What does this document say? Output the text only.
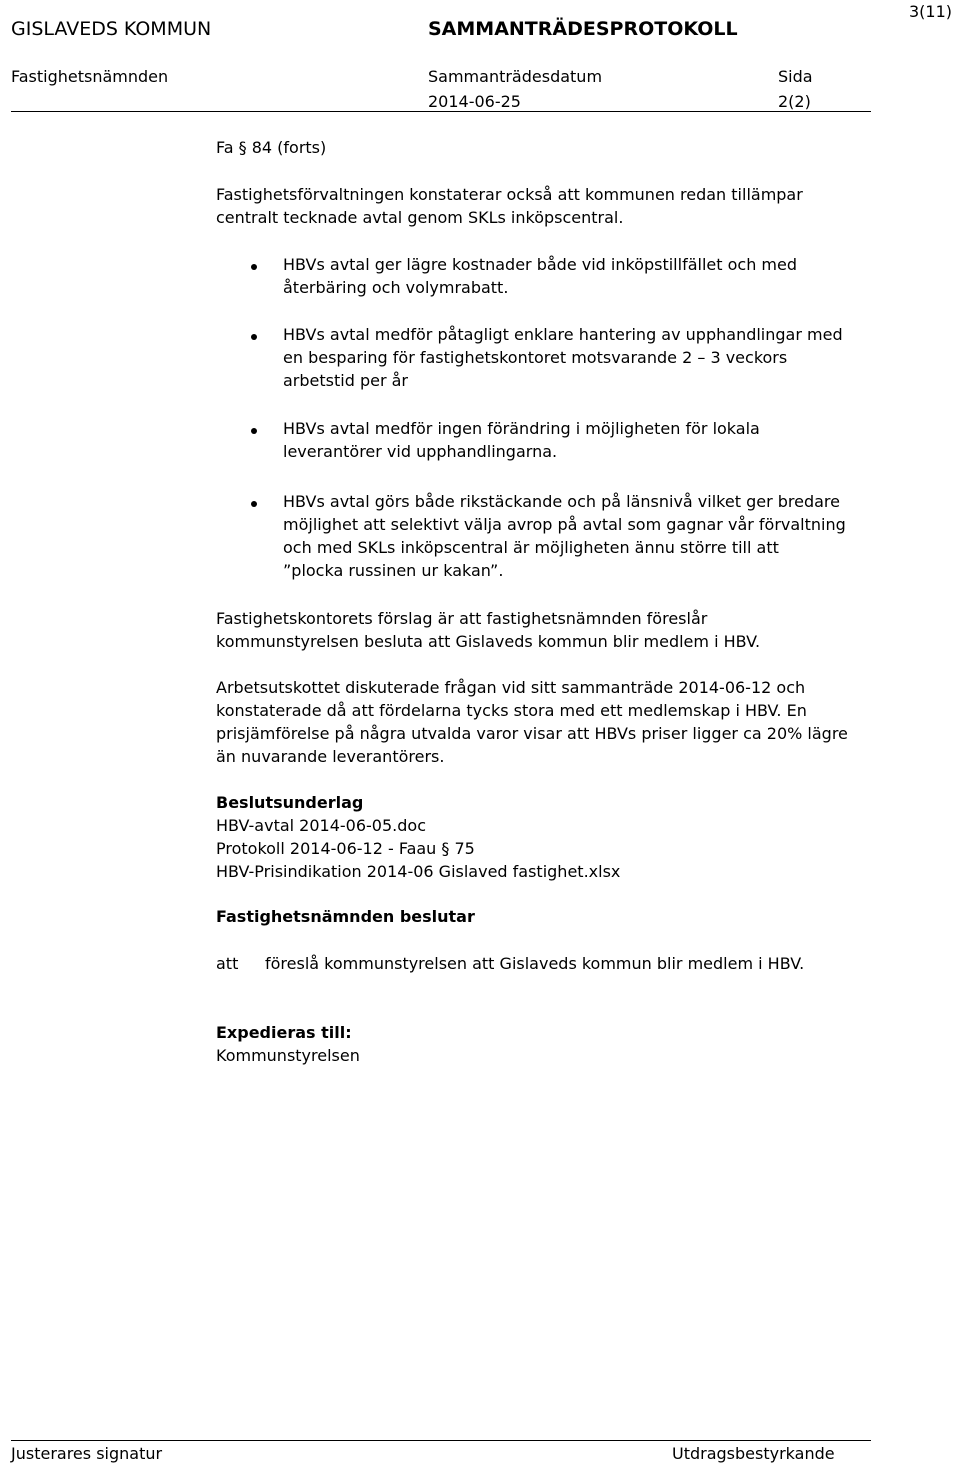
GISLAVEDS KOMMUN	SAMMANTRÄDESPROTOKOLL
3(11)
Fastighetsnämnden	Sammanträdesdatum	Sida
2014-06-25	2(2)

Fa § 84 (forts)

Fastighetsförvaltningen konstaterar också att kommunen redan tillämpar

centralt tecknade avtal genom SKLs inköpscentral.

HBVs avtal ger lägre kostnader både vid inköpstillfället och med
återbäring och volymrabatt.
HBVs avtal medför påtagligt enklare hantering av upphandlingar med
en besparing för fastighetskontoret motsvarande 2 – 3 veckors
arbetstid per år
HBVs avtal medför ingen förändring i möjligheten för lokala
leverantörer vid upphandlingarna.
HBVs avtal görs både rikstäckande och på länsnivå vilket ger bredare
möjlighet att selektivt välja avrop på avtal som gagnar vår förvaltning
och med SKLs inköpscentral är möjligheten ännu större till att
”plocka russinen ur kakan”.

Fastighetskontorets förslag är att fastighetsnämnden föreslår

kommunstyrelsen besluta att Gislaveds kommun blir medlem i HBV.

Arbetsutskottet diskuterade frågan vid sitt sammanträde 2014-06-12 och

konstaterade då att fördelarna tycks stora med ett medlemskap i HBV. En

prisjämförelse på några utvalda varor visar att HBVs priser ligger ca 20% lägre

än nuvarande leverantörers.

Beslutsunderlag

HBV-avtal 2014-06-05.doc

Protokoll 2014-06-12 - Faau § 75

HBV-Prisindikation 2014-06 Gislaved fastighet.xlsx

Fastighetsnämnden beslutar
att föreslå kommunstyrelsen att Gislaveds kommun blir medlem i HBV.
Expedieras till:
Kommunstyrelsen
Justerares signatur	Utdragsbestyrkande
